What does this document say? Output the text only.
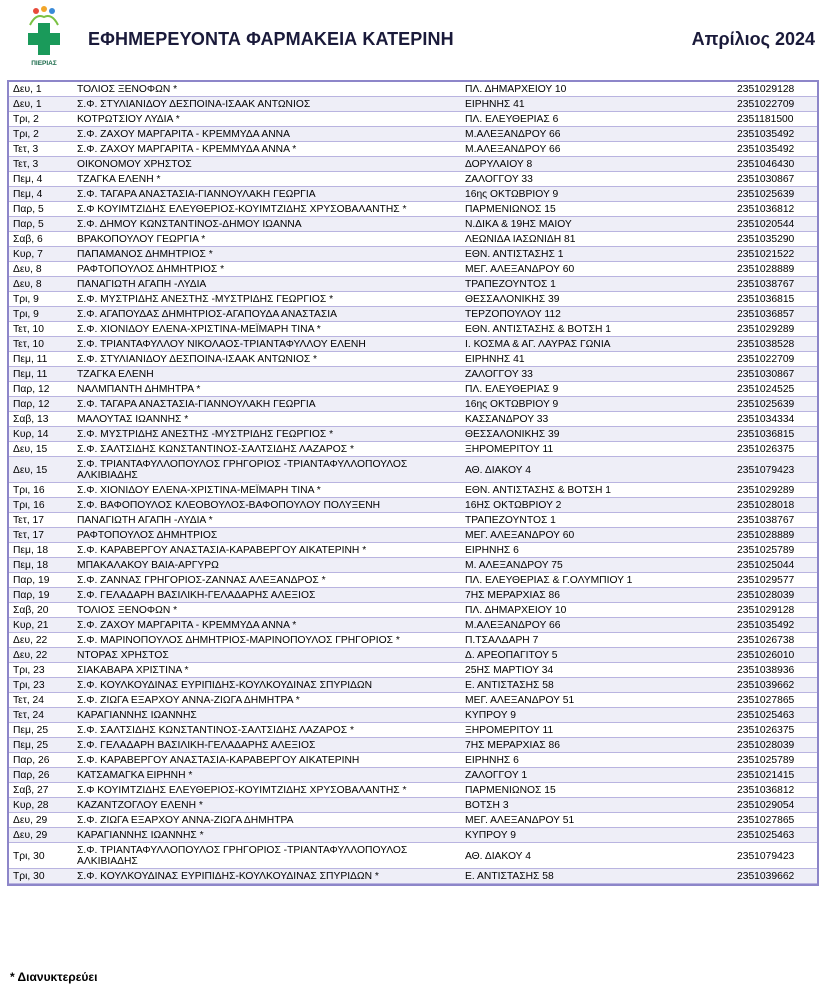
ΠΙΕΡΙΑΣ
ΕΦΗΜΕΡΕΥΟΝΤΑ ΦΑΡΜΑΚΕΙΑ ΚΑΤΕΡΙΝΗ	Απρίλιος 2024
Δευ, 1	ΤΟΛΙΟΣ ΞΕΝΟΦΩΝ *	ΠΛ. ΔΗΜΑΡΧΕΙΟΥ 10	2351029128
Δευ, 1	Σ.Φ. ΣΤΥΛΙΑΝΙΔΟΥ ΔΕΣΠΟΙΝΑ-ΙΣΑΑΚ ΑΝΤΩΝΙΟΣ	ΕΙΡΗΝΗΣ 41	2351022709
Τρι, 2	ΚΟΤΡΩΤΣΙΟΥ ΛΥΔΙΑ *	ΠΛ. ΕΛΕΥΘΕΡΙΑΣ 6	2351181500
Τρι, 2	Σ.Φ. ΖΑΧΟΥ ΜΑΡΓΑΡΙΤΑ - ΚΡΕΜΜΥΔΑ ΑΝΝΑ	Μ.ΑΛΕΞΑΝΔΡΟΥ 66	2351035492
Τετ, 3	Σ.Φ. ΖΑΧΟΥ ΜΑΡΓΑΡΙΤΑ - ΚΡΕΜΜΥΔΑ ΑΝΝΑ *	Μ.ΑΛΕΞΑΝΔΡΟΥ 66	2351035492
Τετ, 3	ΟΙΚΟΝΟΜΟΥ ΧΡΗΣΤΟΣ	ΔΟΡΥΛΑΙΟΥ 8	2351046430
Πεμ, 4	ΤΖΑΓΚΑ ΕΛΕΝΗ *	ΖΑΛΟΓΓΟΥ 33	2351030867
Πεμ, 4	Σ.Φ. ΤΑΓΑΡΑ ΑΝΑΣΤΑΣΙΑ-ΓΙΑΝΝΟΥΛΑΚΗ ΓΕΩΡΓΙΑ	16ης ΟΚΤΩΒΡΙΟΥ 9	2351025639
Παρ, 5	Σ.Φ ΚΟΥΙΜΤΖΙΔΗΣ ΕΛΕΥΘΕΡΙΟΣ-ΚΟΥΙΜΤΖΙΔΗΣ ΧΡΥΣΟΒΑΛΑΝΤΗΣ *	ΠΑΡΜΕΝΙΩΝΟΣ 15	2351036812
Παρ, 5	Σ.Φ. ΔΗΜΟΥ ΚΩΝΣΤΑΝΤΙΝΟΣ-ΔΗΜΟΥ ΙΩΑΝΝΑ	Ν.ΔΙΚΑ & 19ΗΣ ΜΑΙΟΥ	2351020544
Σαβ, 6	ΒΡΑΚΟΠΟΥΛΟΥ ΓΕΩΡΓΙΑ *	ΛΕΩΝΙΔΑ ΙΑΣΩΝΙΔΗ 81	2351035290
Κυρ, 7	ΠΑΠΑΜΑΝΟΣ ΔΗΜΗΤΡΙΟΣ *	ΕΘΝ. ΑΝΤΙΣΤΑΣΗΣ 1	2351021522
Δευ, 8	ΡΑΦΤΟΠΟΥΛΟΣ ΔΗΜΗΤΡΙΟΣ *	ΜΕΓ. ΑΛΕΞΑΝΔΡΟΥ 60	2351028889
Δευ, 8	ΠΑΝΑΓΙΩΤΗ ΑΓΑΠΗ -ΛΥΔΙΑ	ΤΡΑΠΕΖΟΥΝΤΟΣ 1	2351038767
Τρι, 9	Σ.Φ. ΜΥΣΤΡΙΔΗΣ ΑΝΕΣΤΗΣ -ΜΥΣΤΡΙΔΗΣ ΓΕΩΡΓΙΟΣ *	ΘΕΣΣΑΛΟΝΙΚΗΣ 39	2351036815
Τρι, 9	Σ.Φ. ΑΓΑΠΟΥΔΑΣ ΔΗΜΗΤΡΙΟΣ-ΑΓΑΠΟΥΔΑ ΑΝΑΣΤΑΣΙΑ	ΤΕΡΖΟΠΟΥΛΟΥ 112	2351036857
Τετ, 10	Σ.Φ. ΧΙΟΝΙΔΟΥ ΕΛΕΝΑ-ΧΡΙΣΤΙΝΑ-ΜΕΪΜΑΡΗ ΤΙΝΑ *	ΕΘΝ. ΑΝΤΙΣΤΑΣΗΣ & ΒΟΤΣΗ 1	2351029289
Τετ, 10	Σ.Φ. ΤΡΙΑΝΤΑΦΥΛΛΟΥ ΝΙΚΟΛΑΟΣ-ΤΡΙΑΝΤΑΦΥΛΛΟΥ ΕΛΕΝΗ	Ι. ΚΟΣΜΑ & ΑΓ. ΛΑΥΡΑΣ ΓΩΝΙΑ	2351038528
Πεμ, 11	Σ.Φ. ΣΤΥΛΙΑΝΙΔΟΥ ΔΕΣΠΟΙΝΑ-ΙΣΑΑΚ ΑΝΤΩΝΙΟΣ *	ΕΙΡΗΝΗΣ 41	2351022709
Πεμ, 11	ΤΖΑΓΚΑ ΕΛΕΝΗ	ΖΑΛΟΓΓΟΥ 33	2351030867
Παρ, 12	ΝΑΛΜΠΑΝΤΗ ΔΗΜΗΤΡΑ *	ΠΛ. ΕΛΕΥΘΕΡΙΑΣ 9	2351024525
Παρ, 12	Σ.Φ. ΤΑΓΑΡΑ ΑΝΑΣΤΑΣΙΑ-ΓΙΑΝΝΟΥΛΑΚΗ ΓΕΩΡΓΙΑ	16ης ΟΚΤΩΒΡΙΟΥ 9	2351025639
Σαβ, 13	ΜΑΛΟΥΤΑΣ ΙΩΑΝΝΗΣ *	ΚΑΣΣΑΝΔΡΟΥ 33	2351034334
Κυρ, 14	Σ.Φ. ΜΥΣΤΡΙΔΗΣ ΑΝΕΣΤΗΣ -ΜΥΣΤΡΙΔΗΣ ΓΕΩΡΓΙΟΣ *	ΘΕΣΣΑΛΟΝΙΚΗΣ 39	2351036815
Δευ, 15	Σ.Φ. ΣΑΛΤΣΙΔΗΣ ΚΩΝΣΤΑΝΤΙΝΟΣ-ΣΑΛΤΣΙΔΗΣ ΛΑΖΑΡΟΣ *	ΞΗΡΟΜΕΡΙΤΟΥ 11	2351026375
Δευ, 15	Σ.Φ. ΤΡΙΑΝΤΑΦΥΛΛΟΠΟΥΛΟΣ ΓΡΗΓΟΡΙΟΣ -ΤΡΙΑΝΤΑΦΥΛΛΟΠΟΥΛΟΣ ΑΛΚΙΒΙΑΔΗΣ	ΑΘ. ΔΙΑΚΟΥ 4	2351079423
Τρι, 16	Σ.Φ. ΧΙΟΝΙΔΟΥ ΕΛΕΝΑ-ΧΡΙΣΤΙΝΑ-ΜΕΪΜΑΡΗ ΤΙΝΑ *	ΕΘΝ. ΑΝΤΙΣΤΑΣΗΣ & ΒΟΤΣΗ 1	2351029289
Τρι, 16	Σ.Φ. ΒΑΦΟΠΟΥΛΟΣ ΚΛΕΟΒΟΥΛΟΣ-ΒΑΦΟΠΟΥΛΟΥ ΠΟΛΥΞΕΝΗ	16ΗΣ ΟΚΤΩΒΡΙΟΥ 2	2351028018
Τετ, 17	ΠΑΝΑΓΙΩΤΗ ΑΓΑΠΗ -ΛΥΔΙΑ *	ΤΡΑΠΕΖΟΥΝΤΟΣ 1	2351038767
Τετ, 17	ΡΑΦΤΟΠΟΥΛΟΣ ΔΗΜΗΤΡΙΟΣ	ΜΕΓ. ΑΛΕΞΑΝΔΡΟΥ 60	2351028889
Πεμ, 18	Σ.Φ. ΚΑΡΑΒΕΡΓΟΥ ΑΝΑΣΤΑΣΙΑ-ΚΑΡΑΒΕΡΓΟΥ ΑΙΚΑΤΕΡΙΝΗ *	ΕΙΡΗΝΗΣ 6	2351025789
Πεμ, 18	ΜΠΑΚΑΛΑΚΟΥ ΒΑΙΑ-ΑΡΓΥΡΩ	Μ. ΑΛΕΞΑΝΔΡΟΥ 75	2351025044
Παρ, 19	Σ.Φ. ΖΑΝΝΑΣ ΓΡΗΓΟΡΙΟΣ-ΖΑΝΝΑΣ ΑΛΕΞΑΝΔΡΟΣ *	ΠΛ. ΕΛΕΥΘΕΡΙΑΣ & Γ.ΟΛΥΜΠΙΟΥ 1	2351029577
Παρ, 19	Σ.Φ. ΓΕΛΑΔΑΡΗ ΒΑΣΙΛΙΚΗ-ΓΕΛΑΔΑΡΗΣ ΑΛΕΞΙΟΣ	7ΗΣ ΜΕΡΑΡΧΙΑΣ 86	2351028039
Σαβ, 20	ΤΟΛΙΟΣ ΞΕΝΟΦΩΝ *	ΠΛ. ΔΗΜΑΡΧΕΙΟΥ 10	2351029128
Κυρ, 21	Σ.Φ. ΖΑΧΟΥ ΜΑΡΓΑΡΙΤΑ - ΚΡΕΜΜΥΔΑ ΑΝΝΑ *	Μ.ΑΛΕΞΑΝΔΡΟΥ 66	2351035492
Δευ, 22	Σ.Φ. ΜΑΡΙΝΟΠΟΥΛΟΣ ΔΗΜΗΤΡΙΟΣ-ΜΑΡΙΝΟΠΟΥΛΟΣ ΓΡΗΓΟΡΙΟΣ *	Π.ΤΣΑΛΔΑΡΗ 7	2351026738
Δευ, 22	ΝΤΟΡΑΣ ΧΡΗΣΤΟΣ	Δ. ΑΡΕΟΠΑΓΙΤΟΥ 5	2351026010
Τρι, 23	ΣΙΑΚΑΒΑΡΑ ΧΡΙΣΤΙΝΑ *	25ΗΣ ΜΑΡΤΙΟΥ 34	2351038936
Τρι, 23	Σ.Φ. ΚΟΥΛΚΟΥΔΙΝΑΣ ΕΥΡΙΠΙΔΗΣ-ΚΟΥΛΚΟΥΔΙΝΑΣ ΣΠΥΡΙΔΩΝ	Ε. ΑΝΤΙΣΤΑΣΗΣ 58	2351039662
Τετ, 24	Σ.Φ. ΖΙΩΓΑ ΕΞΑΡΧΟΥ ΑΝΝΑ-ΖΙΩΓΑ ΔΗΜΗΤΡΑ *	ΜΕΓ. ΑΛΕΞΑΝΔΡΟΥ 51	2351027865
Τετ, 24	ΚΑΡΑΓΙΑΝΝΗΣ ΙΩΑΝΝΗΣ	ΚΥΠΡΟΥ 9	2351025463
Πεμ, 25	Σ.Φ. ΣΑΛΤΣΙΔΗΣ ΚΩΝΣΤΑΝΤΙΝΟΣ-ΣΑΛΤΣΙΔΗΣ ΛΑΖΑΡΟΣ *	ΞΗΡΟΜΕΡΙΤΟΥ 11	2351026375
Πεμ, 25	Σ.Φ. ΓΕΛΑΔΑΡΗ ΒΑΣΙΛΙΚΗ-ΓΕΛΑΔΑΡΗΣ ΑΛΕΞΙΟΣ	7ΗΣ ΜΕΡΑΡΧΙΑΣ 86	2351028039
Παρ, 26	Σ.Φ. ΚΑΡΑΒΕΡΓΟΥ ΑΝΑΣΤΑΣΙΑ-ΚΑΡΑΒΕΡΓΟΥ ΑΙΚΑΤΕΡΙΝΗ	ΕΙΡΗΝΗΣ 6	2351025789
Παρ, 26	ΚΑΤΣΑΜΑΓΚΑ ΕΙΡΗΝΗ *	ΖΑΛΟΓΓΟΥ 1	2351021415
Σαβ, 27	Σ.Φ ΚΟΥΙΜΤΖΙΔΗΣ ΕΛΕΥΘΕΡΙΟΣ-ΚΟΥΙΜΤΖΙΔΗΣ ΧΡΥΣΟΒΑΛΑΝΤΗΣ *	ΠΑΡΜΕΝΙΩΝΟΣ 15	2351036812
Κυρ, 28	ΚΑΖΑΝΤΖΟΓΛΟΥ ΕΛΕΝΗ *	ΒΟΤΣΗ 3	2351029054
Δευ, 29	Σ.Φ. ΖΙΩΓΑ ΕΞΑΡΧΟΥ ΑΝΝΑ-ΖΙΩΓΑ ΔΗΜΗΤΡΑ	ΜΕΓ. ΑΛΕΞΑΝΔΡΟΥ 51	2351027865
Δευ, 29	ΚΑΡΑΓΙΑΝΝΗΣ ΙΩΑΝΝΗΣ *	ΚΥΠΡΟΥ 9	2351025463
Τρι, 30	Σ.Φ. ΤΡΙΑΝΤΑΦΥΛΛΟΠΟΥΛΟΣ ΓΡΗΓΟΡΙΟΣ -ΤΡΙΑΝΤΑΦΥΛΛΟΠΟΥΛΟΣ ΑΛΚΙΒΙΑΔΗΣ	ΑΘ. ΔΙΑΚΟΥ 4	2351079423
Τρι, 30	Σ.Φ. ΚΟΥΛΚΟΥΔΙΝΑΣ ΕΥΡΙΠΙΔΗΣ-ΚΟΥΛΚΟΥΔΙΝΑΣ ΣΠΥΡΙΔΩΝ *	Ε. ΑΝΤΙΣΤΑΣΗΣ 58	2351039662
* Διανυκτερεύει
